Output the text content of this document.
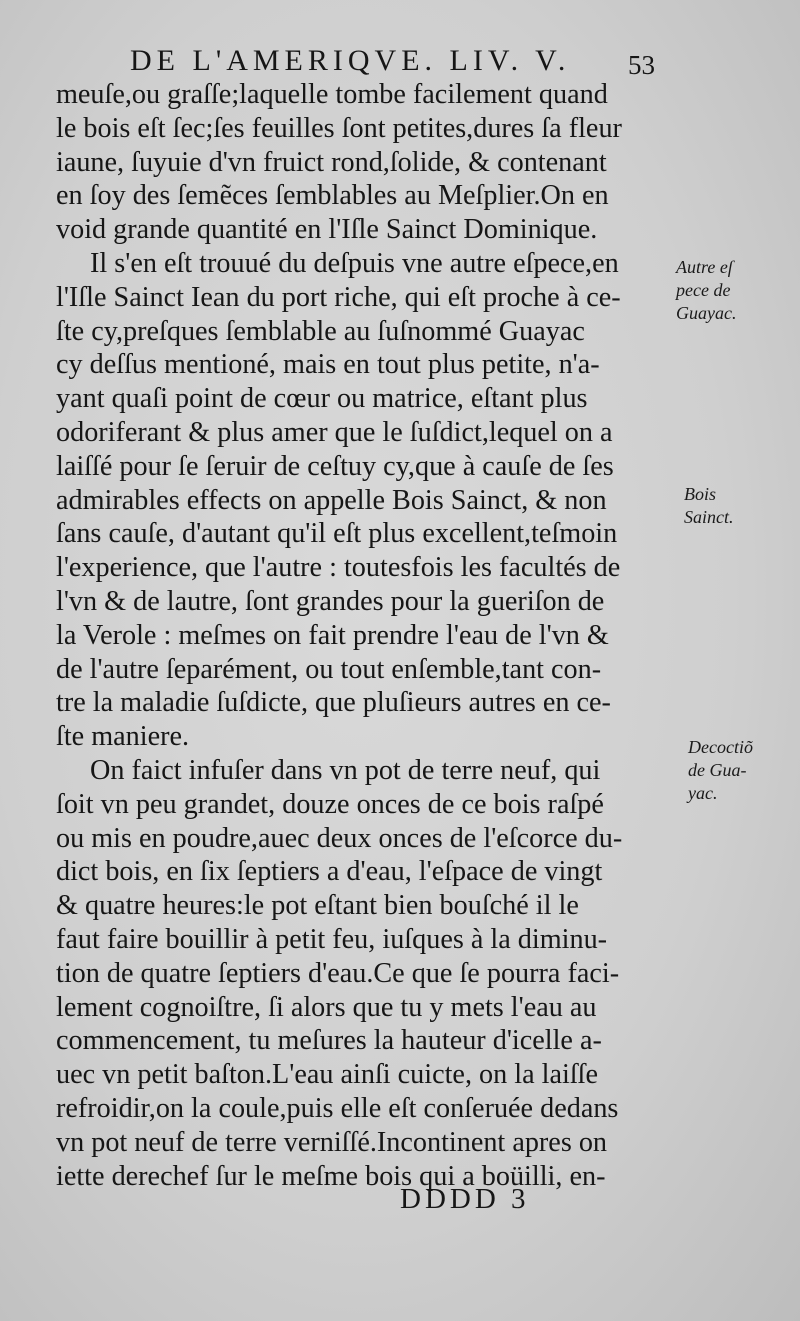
DE L'AMERIQVE. LIV. V. 53
meuſe,ou graſſe;laquelle tombe facilement quand
le bois eſt ſec;ſes feuilles ſont petites,dures ſa fleur
iaune, ſuyuie d'vn fruict rond,ſolide, & contenant
en ſoy des ſemẽces ſemblables au Meſplier.On en
void grande quantité en l'Iſle Sainct Dominique.
Il s'en eſt trouué du deſpuis vne autre eſpece,en
l'Iſle Sainct Iean du port riche, qui eſt proche à ce-
ſte cy,preſques ſemblable au ſuſnommé Guayac
cy deſſus mentioné, mais en tout plus petite, n'a-
yant quaſi point de cœur ou matrice, eſtant plus
odoriferant & plus amer que le ſuſdict,lequel on a
laiſſé pour ſe ſeruir de ceſtuy cy,que à cauſe de ſes
admirables effects on appelle Bois Sainct, & non
ſans cauſe, d'autant qu'il eſt plus excellent,teſmoin
l'experience, que l'autre : toutesfois les facultés de
l'vn & de lautre, ſont grandes pour la gueriſon de
la Verole : meſmes on fait prendre l'eau de l'vn &
de l'autre ſeparément, ou tout enſemble,tant con-
tre la maladie ſuſdicte, que pluſieurs autres en ce-
ſte maniere.
On faict infuſer dans vn pot de terre neuf, qui
ſoit vn peu grandet, douze onces de ce bois raſpé
ou mis en poudre,auec deux onces de l'eſcorce du-
dict bois, en ſix ſeptiers a d'eau, l'eſpace de vingt
& quatre heures:le pot eſtant bien bouſché il le
faut faire bouillir à petit feu, iuſques à la diminu-
tion de quatre ſeptiers d'eau.Ce que ſe pourra faci-
lement cognoiſtre, ſi alors que tu y mets l'eau au
commencement, tu meſures la hauteur d'icelle a-
uec vn petit baſton.L'eau ainſi cuicte, on la laiſſe
refroidir,on la coule,puis elle eſt conſeruée dedans
vn pot neuf de terre verniſſé.Incontinent apres on
iette derechef ſur le meſme bois qui a boüilli, en-
Autre eſ
pece de
Guayac.
Bois
Sainct.
Decoctiõ
de Gua-
yac.
DDDD 3
